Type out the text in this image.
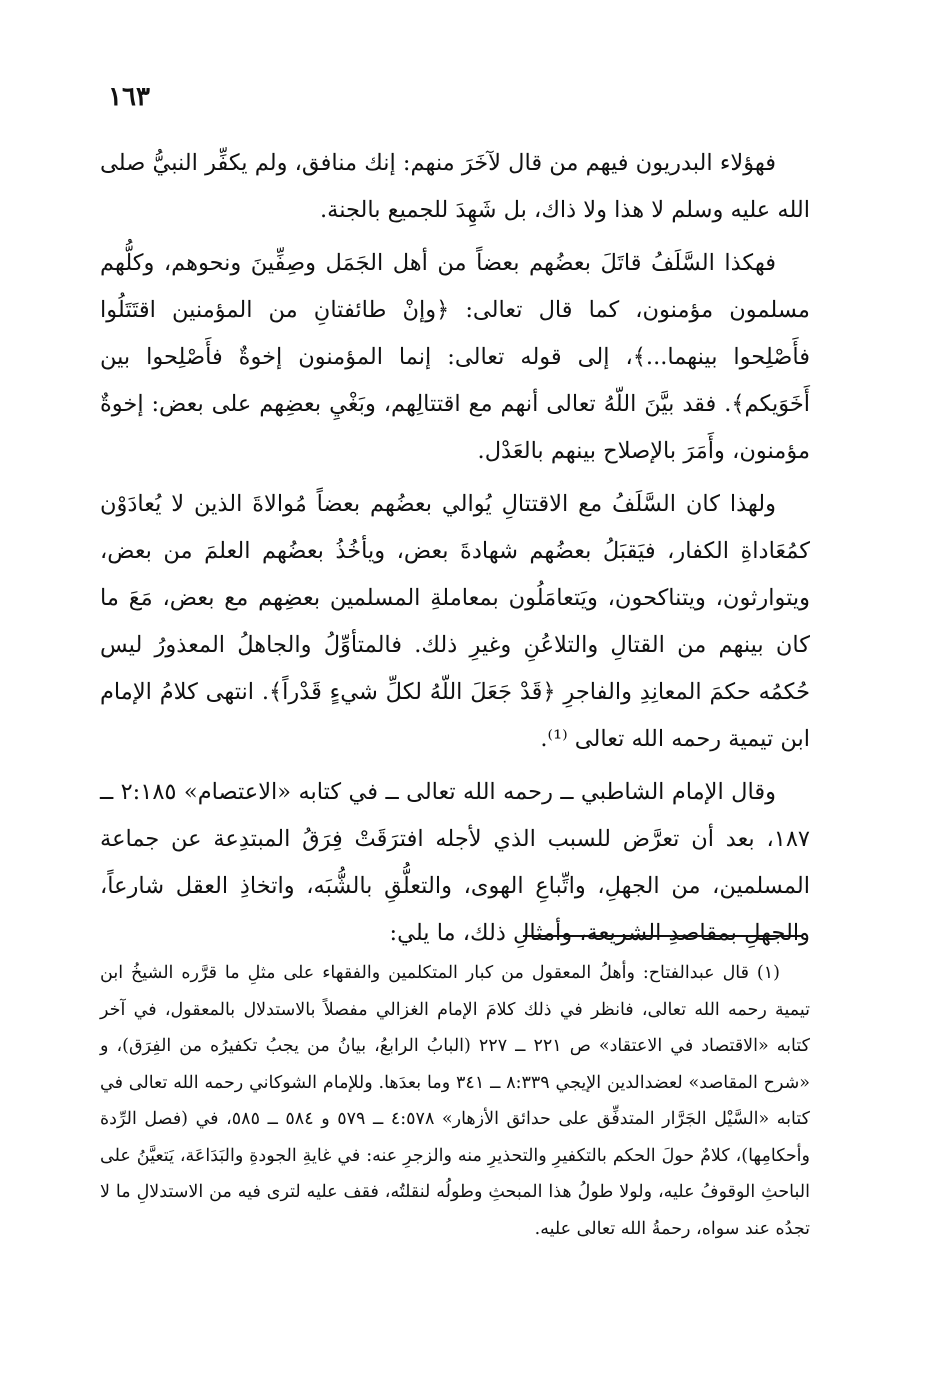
١٦٣

فهؤلاء البدريون فيهم من قال لآخَرَ منهم: إنك منافق، ولم يكفِّر النبيُّ صلى الله عليه وسلم لا هذا ولا ذاك، بل شَهِدَ للجميع بالجنة.

فهكذا السَّلَفُ قاتَلَ بعضُهم بعضاً من أهل الجَمَل وصِفِّينَ ونحوهم، وكلُّهم مسلمون مؤمنون، كما قال تعالى: ﴿وإنْ طائفتانِ من المؤمنين اقتَتَلُوا فأَصْلِحوا بينهما...﴾، إلى قوله تعالى: إنما المؤمنون إخوةٌ فأَصْلِحوا بين أَخَوَيكم﴾. فقد بيَّنَ اللّهُ تعالى أنهم مع اقتتالِهم، وبَغْيِ بعضِهم على بعض: إخوةٌ مؤمنون، وأَمَرَ بالإصلاح بينهم بالعَدْل.

ولهذا كان السَّلَفُ مع الاقتتالِ يُوالي بعضُهم بعضاً مُوالاةَ الذين لا يُعادَوْن كمُعَاداةِ الكفار، فيَقبَلُ بعضُهم شهادةَ بعض، ويأخُذُ بعضُهم العلمَ من بعض، ويتوارثون، ويتناكحون، ويَتعامَلُون بمعاملةِ المسلمين بعضِهم مع بعض، مَعَ ما كان بينهم من القتالِ والتلاعُنِ وغيرِ ذلك. فالمتأوِّلُ والجاهلُ المعذورُ ليس حُكمُه حكمَ المعانِدِ والفاجرِ ﴿قَدْ جَعَلَ اللّهُ لكلِّ شيءٍ قَدْراً﴾. انتهى كلامُ الإمام ابن تيمية رحمه الله تعالى ⁽¹⁾.

وقال الإمام الشاطبي ــ رحمه الله تعالى ــ في كتابه «الاعتصام» ٢:١٨٥ ــ ١٨٧، بعد أن تعرَّض للسبب الذي لأجله افترَقَتْ فِرَقُ المبتدِعة عن جماعة المسلمين، من الجهلِ، واتِّباعِ الهوى، والتعلُّقِ بالشُّبَه، واتخاذِ العقل شارعاً، والجهلِ بمقاصدِ الشريعة، وأمثالِ ذلك، ما يلي:

(١) قال عبدالفتاح: وأهلُ المعقول من كبار المتكلمين والفقهاء على مثلِ ما قرَّره الشيخُ ابن تيمية رحمه الله تعالى، فانظر في ذلك كلامَ الإمام الغزالي مفصلاً بالاستدلال بالمعقول، في آخر كتابه «الاقتصاد في الاعتقاد» ص ٢٢١ ــ ٢٢٧ (البابُ الرابعُ، بيانُ من يجبُ تكفيرُه من الفِرَق)، و «شرح المقاصد» لعضدالدين الإيجي ٨:٣٣٩ ــ ٣٤١ وما بعدَها. وللإمام الشوكاني رحمه الله تعالى في كتابه «السَّيْل الجَرَّار المتدفِّق على حدائق الأزهار» ٤:٥٧٨ ــ ٥٧٩ و ٥٨٤ ــ ٥٨٥، في (فصل الرِّدة وأحكامِها)، كلامٌ حولَ الحكم بالتكفيرِ والتحذيرِ منه والزجرِ عنه: في غايةِ الجودةِ والبَدَاعَة، يَتعيَّنُ على الباحثِ الوقوفُ عليه، ولولا طولُ هذا المبحثِ وطولُه لنقلتُه، فقف عليه لترى فيه من الاستدلالِ ما لا تجدُه عند سواه، رحمةُ الله تعالى عليه.
